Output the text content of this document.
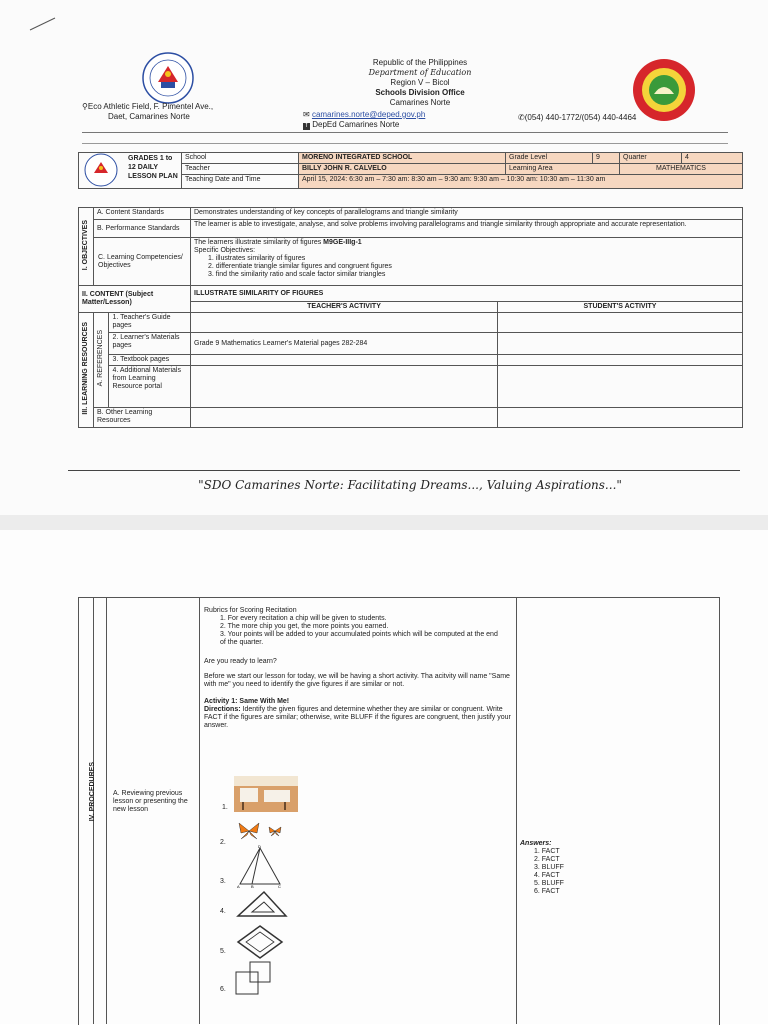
Republic of the Philippines
Department of Education
Region V – Bicol
Schools Division Office
Camarines Norte
⚲Eco Athletic Field, F. Pimentel Ave.,
Daet, Camarines Norte	✉ camarines.norte@deped.gov.ph
f DepEd Camarines Norte
✆(054) 440-1772/(054) 440-4464
	GRADES 1 to 12 DAILY LESSON PLAN	School	MORENO INTEGRATED SCHOOL	Grade Level	9	Quarter	4
		Teacher	BILLY JOHN R. CALVELO	Learning Area		MATHEMATICS	
		Teaching Date and Time	April 15, 2024: 6:30 am – 7:30 am: 8:30 am – 9:30 am: 9:30 am – 10:30 am: 10:30 am – 11:30 am				
I. OBJECTIVES	A. Content Standards		Demonstrates understanding of key concepts of parallelograms and triangle similarity	
	B. Performance Standards		The learner is able to investigate, analyse, and solve problems involving parallelograms and triangle similarity through appropriate and accurate representation.	
	C. Learning Competencies/ Objectives		The learners illustrate similarity of figures M9GE-IIIg-1
Specific Objectives:
1. illustrates similarity of figures
2. differentiate triangle similar figures and congruent figures
3. find the similarity ratio and scale factor similar triangles	

II. CONTENT (Subject Matter/Lesson)			ILLUSTRATE SIMILARITY OF FIGURES	
			TEACHER'S ACTIVITY	STUDENT'S ACTIVITY
III. LEARNING RESOURCES	A. REFERENCES	1. Teacher's Guide pages		
		2. Learner's Materials pages	Grade 9 Mathematics Learner's Material pages 282-284	
		3. Textbook pages		
		4. Additional Materials from Learning Resource portal		
	B. Other Learning Resources			
"SDO Camarines Norte: Facilitating Dreams..., Valuing Aspirations..."
IV. PROCEDURES	A. Reviewing previous lesson or presenting the new lesson
Rubrics for Scoring Recitation
1. For every recitation a chip will be given to students.
2. The more chip you get, the more points you earned.
3. Your points will be added to your accumulated points which will be computed at the end of the quarter.
Are you ready to learn?
Before we start our lesson for today, we will be having a short activity. Tha acitvity will name "Same with me" you need to identify the give figures if are similar or not.
Activity 1: Same With Me!
Directions: Identify the given figures and determine whether they are similar or congruent. Write FACT if the figures are similar; otherwise, write BLUFF if the figures are congruent, then justify your answer.
1.
2.
3.
4.
5.
6.
D
A	B	C
Answers:
1. FACT
2. FACT
3. BLUFF
4. FACT
5. BLUFF
6. FACT
